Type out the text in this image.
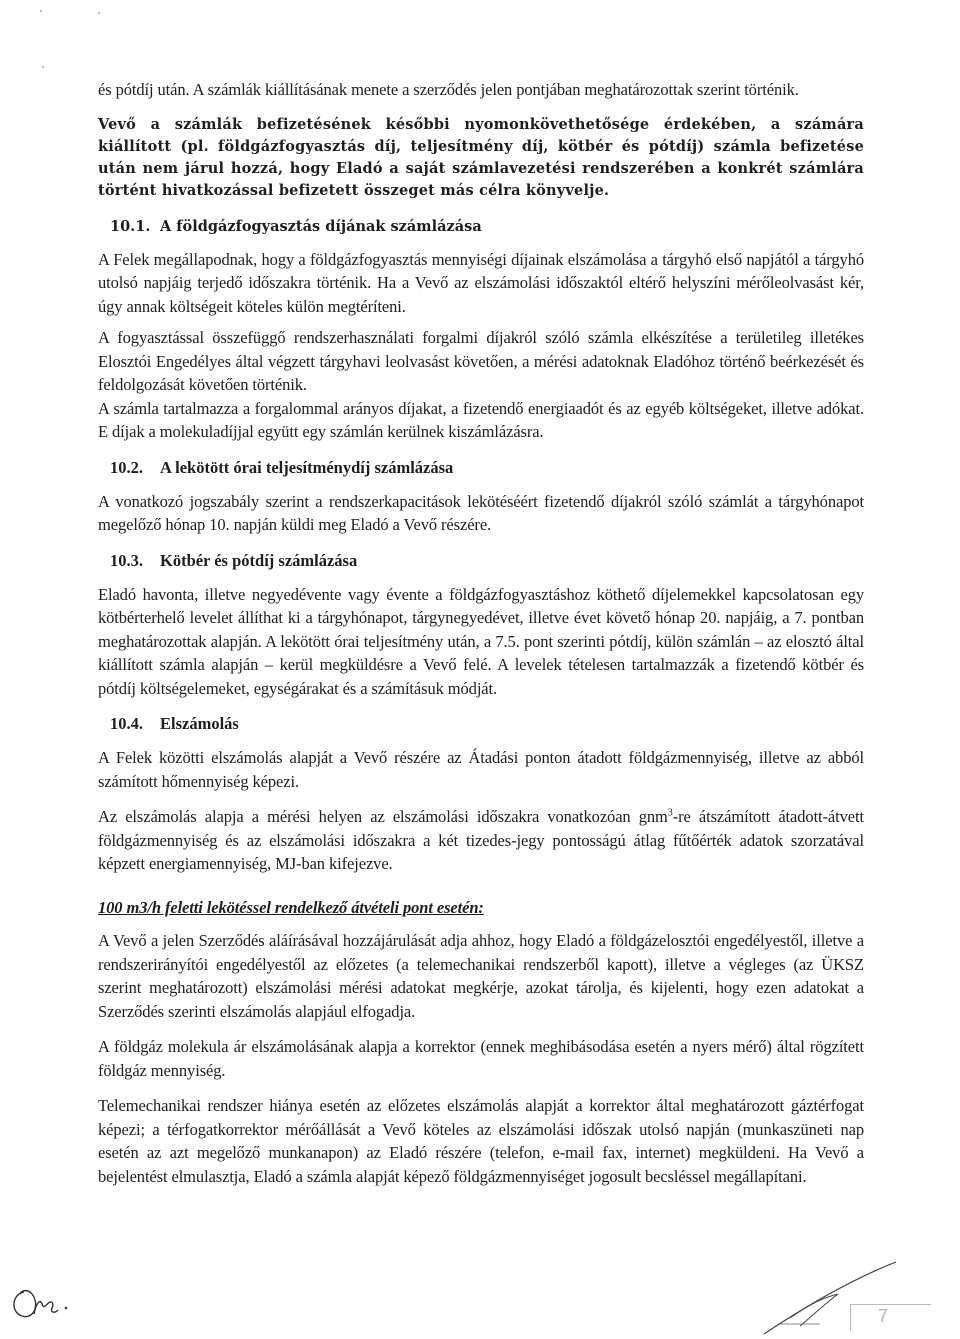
és pótdíj után. A számlák kiállításának menete a szerződés jelen pontjában meghatározottak szerint történik.

Vevő a számlák befizetésének későbbi nyomonkövethetősége érdekében, a számára kiállított (pl. földgázfogyasztás díj, teljesítmény díj, kötbér és pótdíj) számla befizetése után nem járul hozzá, hogy Eladó a saját számlavezetési rendszerében a konkrét számlára történt hivatkozással befizetett összeget más célra könyvelje.

10.1. A földgázfogyasztás díjának számlázása

A Felek megállapodnak, hogy a földgázfogyasztás mennyiségi díjainak elszámolása a tárgyhó első napjától a tárgyhó utolsó napjáig terjedő időszakra történik. Ha a Vevő az elszámolási időszaktól eltérő helyszíni mérőleolvasást kér, úgy annak költségeit köteles külön megtéríteni.

A fogyasztással összefüggő rendszerhasználati forgalmi díjakról szóló számla elkészítése a területileg illetékes Elosztói Engedélyes által végzett tárgyhavi leolvasást követően, a mérési adatoknak Eladóhoz történő beérkezését és feldolgozását követően történik.

A számla tartalmazza a forgalommal arányos díjakat, a fizetendő energiaadót és az egyéb költségeket, illetve adókat. E díjak a molekuladíjjal együtt egy számlán kerülnek kiszámlázásra.

10.2. A lekötött órai teljesítménydíj számlázása

A vonatkozó jogszabály szerint a rendszerkapacitások lekötéséért fizetendő díjakról szóló számlát a tárgyhónapot megelőző hónap 10. napján küldi meg Eladó a Vevő részére.

10.3. Kötbér és pótdíj számlázása

Eladó havonta, illetve negyedévente vagy évente a földgázfogyasztáshoz köthető díjelemekkel kapcsolatosan egy kötbérterhelő levelet állíthat ki a tárgyhónapot, tárgynegyedévet, illetve évet követő hónap 20. napjáig, a 7. pontban meghatározottak alapján. A lekötött órai teljesítmény után, a 7.5. pont szerinti pótdíj, külön számlán – az elosztó által kiállított számla alapján – kerül megküldésre a Vevő felé. A levelek tételesen tartalmazzák a fizetendő kötbér és pótdíj költségelemeket, egységárakat és a számításuk módját.

10.4. Elszámolás

A Felek közötti elszámolás alapját a Vevő részére az Átadási ponton átadott földgázmennyiség, illetve az abból számított hőmennyiség képezi.

Az elszámolás alapja a mérési helyen az elszámolási időszakra vonatkozóan gnm$^3$-re átszámított átadott-átvett földgázmennyiség és az elszámolási időszakra a két tizedes-jegy pontosságú átlag fűtőérték adatok szorzatával képzett energiamennyiség, MJ-ban kifejezve.

100 m3/h feletti lekötéssel rendelkező átvételi pont esetén:

A Vevő a jelen Szerződés aláírásával hozzájárulását adja ahhoz, hogy Eladó a földgázelosztói engedélyestől, illetve a rendszerirányítói engedélyestől az előzetes (a telemechanikai rendszerből kapott), illetve a végleges (az ÜKSZ szerint meghatározott) elszámolási mérési adatokat megkérje, azokat tárolja, és kijelenti, hogy ezen adatokat a Szerződés szerinti elszámolás alapjául elfogadja.

A földgáz molekula ár elszámolásának alapja a korrektor (ennek meghibásodása esetén a nyers mérő) által rögzített földgáz mennyiség.

Telemechanikai rendszer hiánya esetén az előzetes elszámolás alapját a korrektor által meghatározott gáztérfogat képezi; a térfogatkorrektor mérőállását a Vevő köteles az elszámolási időszak utolsó napján (munkaszüneti nap esetén az azt megelőző munkanapon) az Eladó részére (telefon, e-mail fax, internet) megküldeni. Ha Vevő a bejelentést elmulasztja, Eladó a számla alapját képező földgázmennyiséget jogosult becsléssel megállapítani.

7
